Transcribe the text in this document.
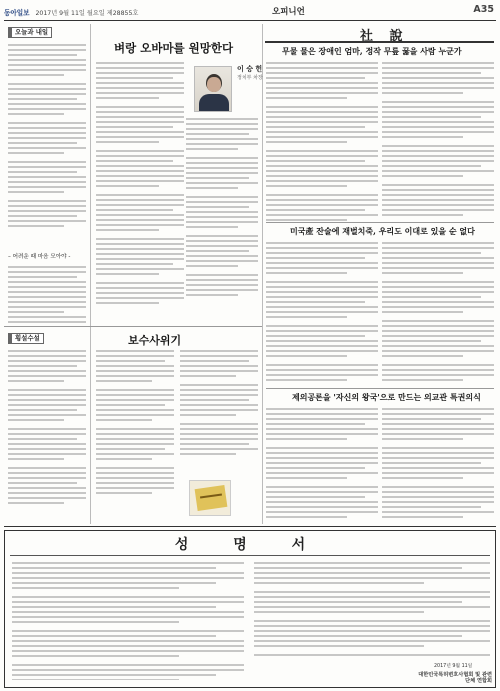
동아일보 2017년 9월 11일 월요일 제28855호	오피니언	A35
오늘과 내일
– 어려운 때 마음 모아야 -
벼랑 오바마를 원망한다
이 승 헌
정치부 차장
횡설수설	보수사위기
社 說
무물 물은 장애인 엄마, 정작 무릎 꿇을 사람 누군가
미국產 잔술에 재벌치죽, 우리도 이대로 있을 순 없다
제의공론을 '자신의 왕국'으로 만드는 의교관 특권의식
성 명 서
2017년 9월 11일
대한민국특허변호사협회 및 관련단체 연합회
